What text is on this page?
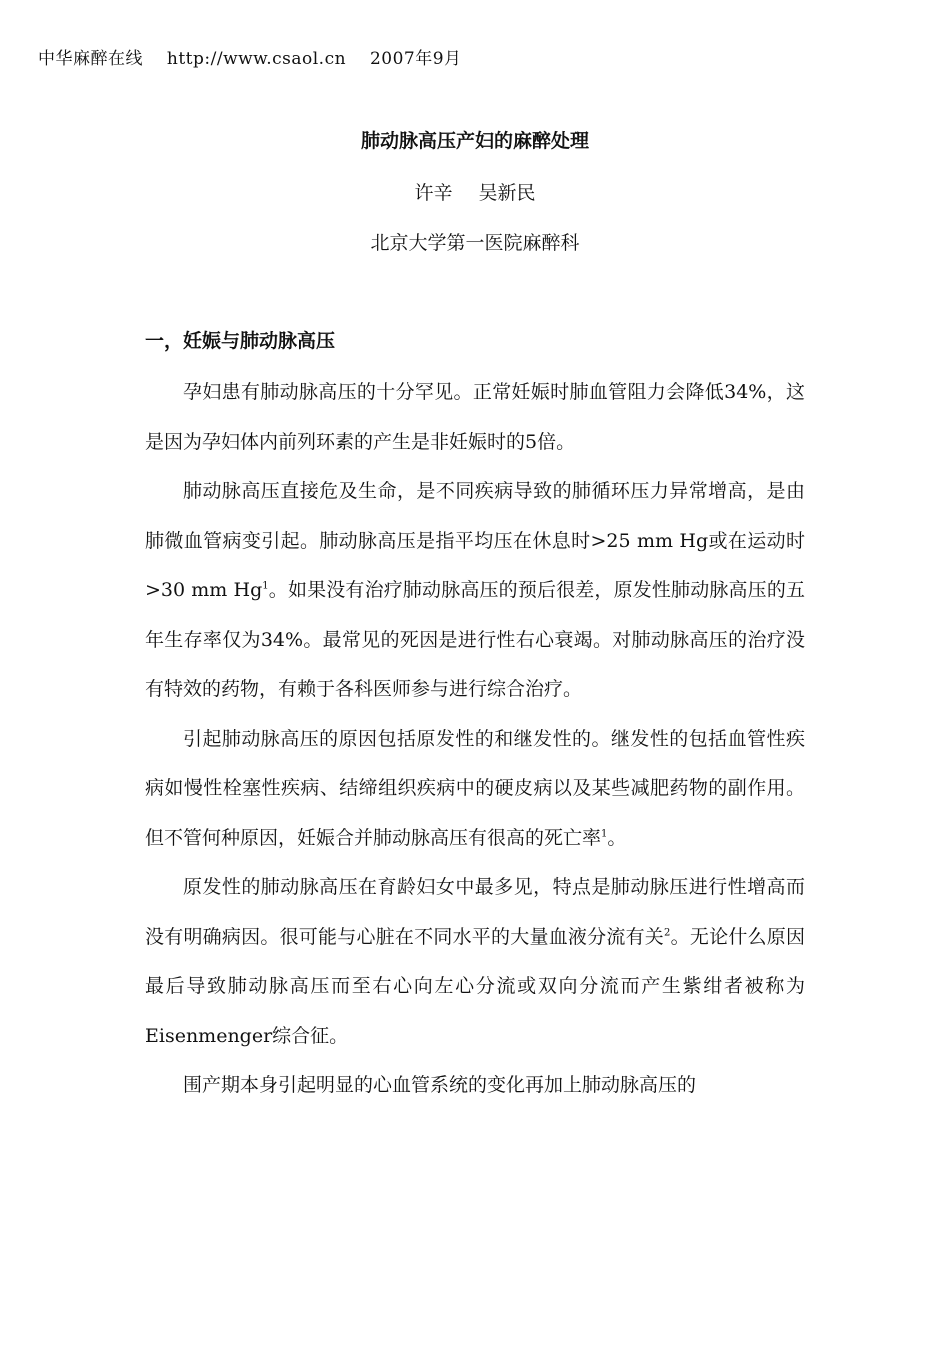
中华麻醉在线 http://www.csaol.cn 2007年9月
肺动脉高压产妇的麻醉处理
许辛 吴新民
北京大学第一医院麻醉科
一，妊娠与肺动脉高压

孕妇患有肺动脉高压的十分罕见。正常妊娠时肺血管阻力会降低34%，这是因为孕妇体内前列环素的产生是非妊娠时的5倍。

肺动脉高压直接危及生命，是不同疾病导致的肺循环压力异常增高，是由肺微血管病变引起。肺动脉高压是指平均压在休息时>25 mm Hg或在运动时>30 mm Hg$^1$。如果没有治疗肺动脉高压的预后很差，原发性肺动脉高压的五年生存率仅为34%。最常见的死因是进行性右心衰竭。对肺动脉高压的治疗没有特效的药物，有赖于各科医师参与进行综合治疗。

引起肺动脉高压的原因包括原发性的和继发性的。继发性的包括血管性疾病如慢性栓塞性疾病、结缔组织疾病中的硬皮病以及某些减肥药物的副作用。但不管何种原因，妊娠合并肺动脉高压有很高的死亡率$^1$。

原发性的肺动脉高压在育龄妇女中最多见，特点是肺动脉压进行性增高而没有明确病因。很可能与心脏在不同水平的大量血液分流有关$^2$。无论什么原因最后导致肺动脉高压而至右心向左心分流或双向分流而产生紫绀者被称为Eisenmenger综合征。

围产期本身引起明显的心血管系统的变化再加上肺动脉高压的
